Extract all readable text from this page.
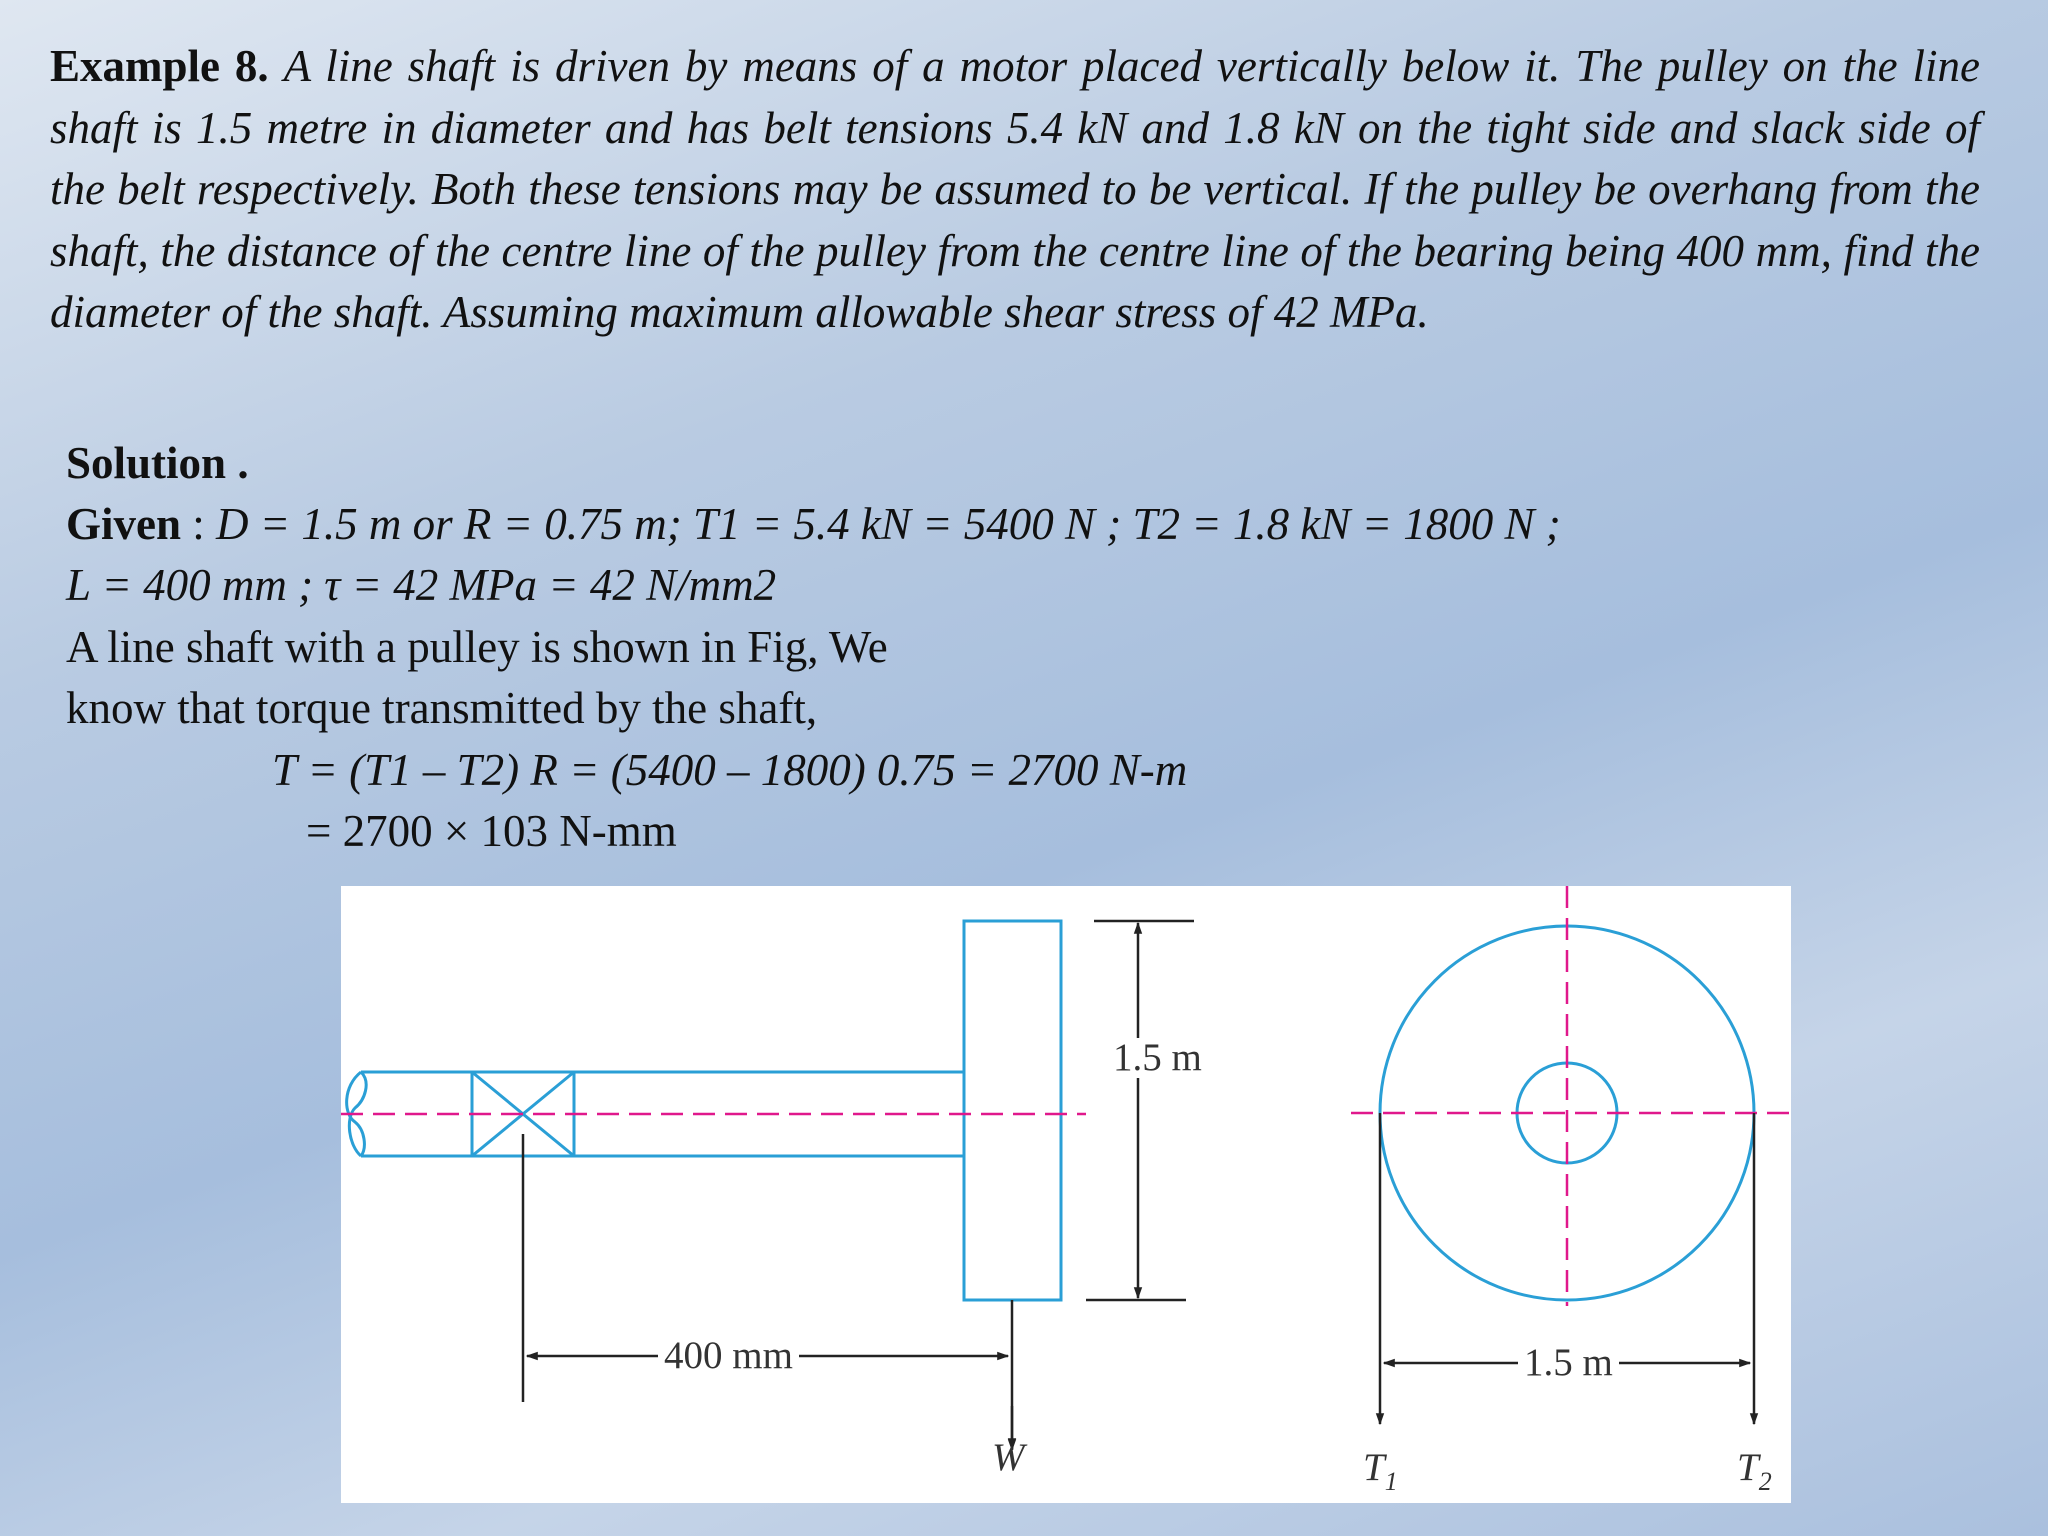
Example 8. A line shaft is driven by means of a motor placed vertically below it. The pulley on the line shaft is 1.5 metre in diameter and has belt tensions 5.4 kN and 1.8 kN on the tight side and slack side of the belt respectively. Both these tensions may be assumed to be vertical. If the pulley be overhang from the shaft, the distance of the centre line of the pulley from the centre line of the bearing being 400 mm, find the diameter of the shaft. Assuming maximum allowable shear stress of 42 MPa.
Solution .
Given : D = 1.5 m or R = 0.75 m; T1 = 5.4 kN = 5400 N ; T2 = 1.8 kN = 1800 N ;
L = 400 mm ; τ = 42 MPa = 42 N/mm2
A line shaft with a pulley is shown in Fig, We
know that torque transmitted by the shaft,
T = (T1 – T2) R = (5400 – 1800) 0.75 = 2700 N-m
= 2700 × 103 N-mm
1.5 m
400 mm
W
1.5 m
$T_1$	$T_2$
